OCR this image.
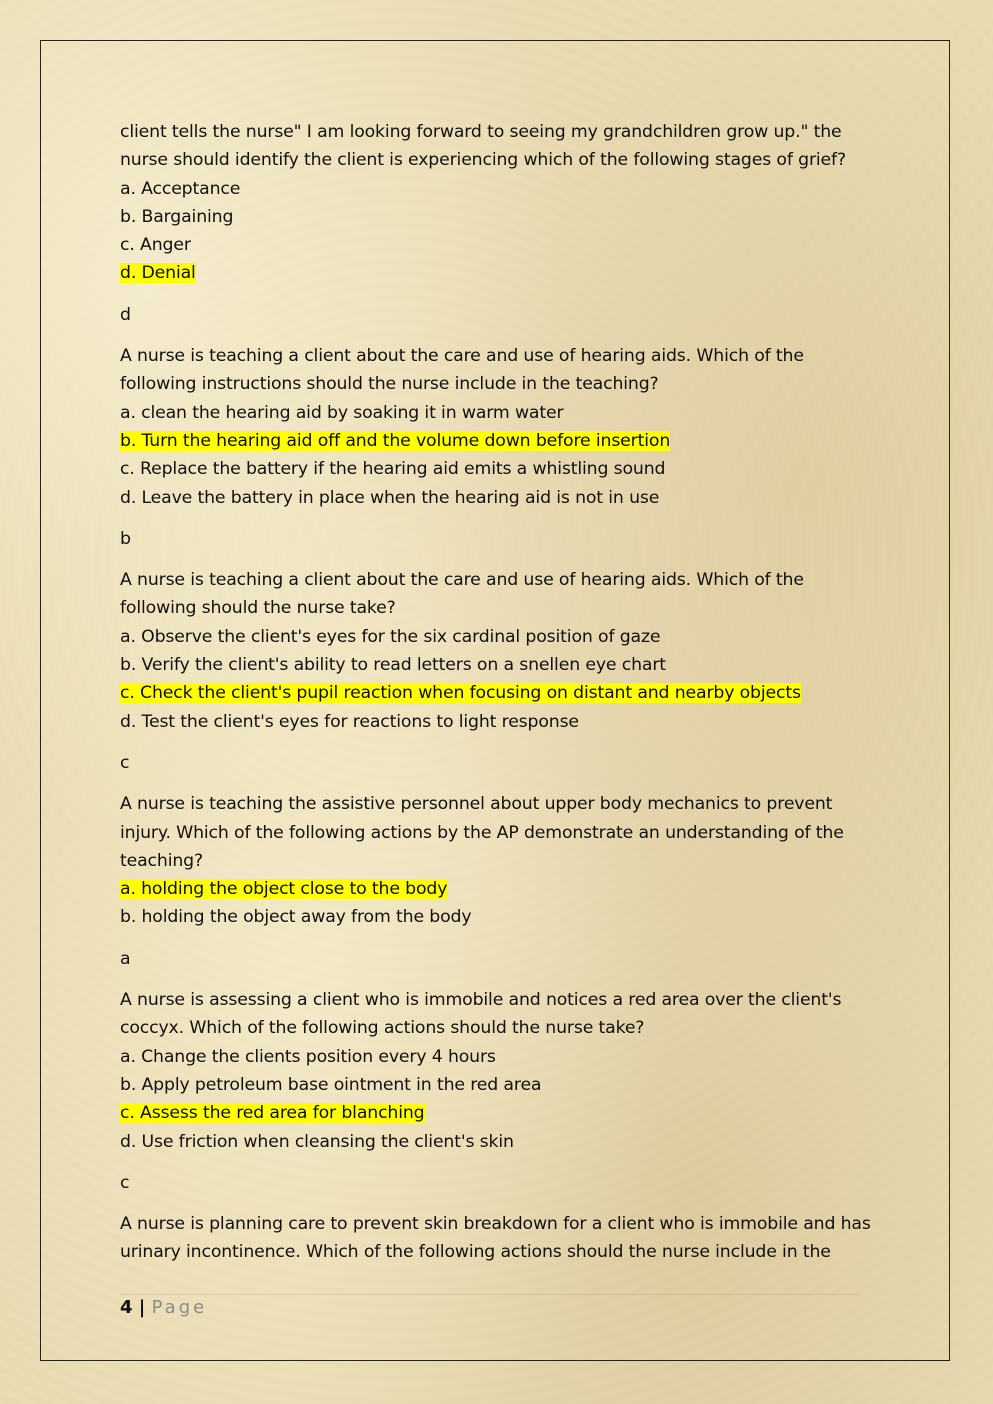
client tells the nurse" I am looking forward to seeing my grandchildren grow up." the
nurse should identify the client is experiencing which of the following stages of grief?
a. Acceptance
b. Bargaining
c. Anger
d. Denial
d
A nurse is teaching a client about the care and use of hearing aids. Which of the
following instructions should the nurse include in the teaching?
a. clean the hearing aid by soaking it in warm water
b. Turn the hearing aid off and the volume down before insertion
c. Replace the battery if the hearing aid emits a whistling sound
d. Leave the battery in place when the hearing aid is not in use
b
A nurse is teaching a client about the care and use of hearing aids. Which of the
following should the nurse take?
a. Observe the client's eyes for the six cardinal position of gaze
b. Verify the client's ability to read letters on a snellen eye chart
c. Check the client's pupil reaction when focusing on distant and nearby objects
d. Test the client's eyes for reactions to light response
c
A nurse is teaching the assistive personnel about upper body mechanics to prevent
injury. Which of the following actions by the AP demonstrate an understanding of the
teaching?
a. holding the object close to the body
b. holding the object away from the body
a
A nurse is assessing a client who is immobile and notices a red area over the client's
coccyx. Which of the following actions should the nurse take?
a. Change the clients position every 4 hours
b. Apply petroleum base ointment in the red area
c. Assess the red area for blanching
d. Use friction when cleansing the client's skin
c
A nurse is planning care to prevent skin breakdown for a client who is immobile and has
urinary incontinence. Which of the following actions should the nurse include in the
4 | Page
